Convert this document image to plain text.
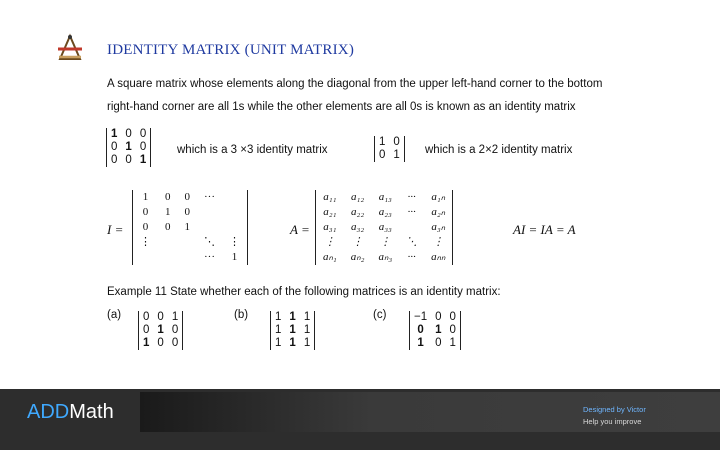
IDENTITY MATRIX (UNIT MATRIX)
A square matrix whose elements along the diagonal from the upper left-hand corner to the bottom
right-hand corner are all 1s while the other elements are all 0s is known as an identity matrix
1	0	0
0	1	0
0	0	1
which is a 3 ×3 identity matrix
1	0
0	1 which is a 2×2 identity matrix
I =
1	0	0	···	
0	1	0		
0	0	1		
⋮			⋱	⋮
			···	1
A =
a₁₁	a₁₂	a₁₃	···	a₁ₙ
a₂₁	a₂₂	a₂₃	···	a₂ₙ
a₃₁	a₃₂	a₃₃		a₃ₙ
⋮	⋮	⋮	⋱	⋮
aₙ₁	aₙ₂	aₙ₃	···	aₙₙ
AI = IA = A
Example 11 State whether each of the following matrices is an identity matrix:
(a) 0	0	1
0	1	0
1	0	0
(b) 1	1	1
1	1	1
1	1	1
(c) −1	0	0
0	1	0
1	0	1
ADDMath	Designed by Victor
Help you improve
